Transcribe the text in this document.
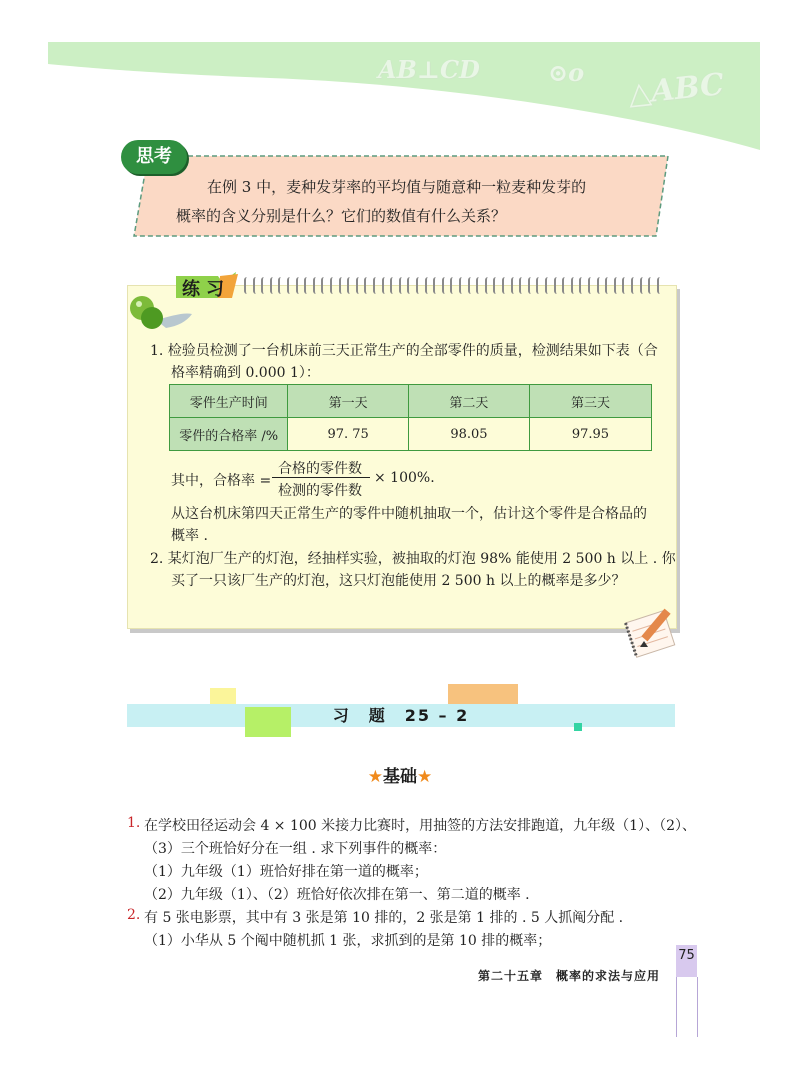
AB⊥CD	⊙o △ABC
思考
在例 3 中，麦种发芽率的平均值与随意种一粒麦种发芽的
概率的含义分别是什么？它们的数值有什么关系？
练习
1. 检验员检测了一台机床前三天正常生产的全部零件的质量，检测结果如下表（合
格率精确到 0.000 1）：
零件生产时间	第一天	第二天	第三天
零件的合格率 /%	97. 75	98.05	97.95
其中，合格率 =
合格的零件数
检测的零件数
× 100%.
从这台机床第四天正常生产的零件中随机抽取一个，估计这个零件是合格品的
概率 .
2. 某灯泡厂生产的灯泡，经抽样实验，被抽取的灯泡 98% 能使用 2 500 h 以上 . 你
买了一只该厂生产的灯泡，这只灯泡能使用 2 500 h 以上的概率是多少？
习　题　25 – 2
★基础★
1. 在学校田径运动会 4 × 100 米接力比赛时，用抽签的方法安排跑道，九年级（1）、（2）、
（3）三个班恰好分在一组 . 求下列事件的概率：
（1）九年级（1）班恰好排在第一道的概率；
（2）九年级（1）、（2）班恰好依次排在第一、第二道的概率 .
2. 有 5 张电影票，其中有 3 张是第 10 排的，2 张是第 1 排的 . 5 人抓阄分配 .
（1）小华从 5 个阄中随机抓 1 张，求抓到的是第 10 排的概率；
第二十五章　概率的求法与应用
75
